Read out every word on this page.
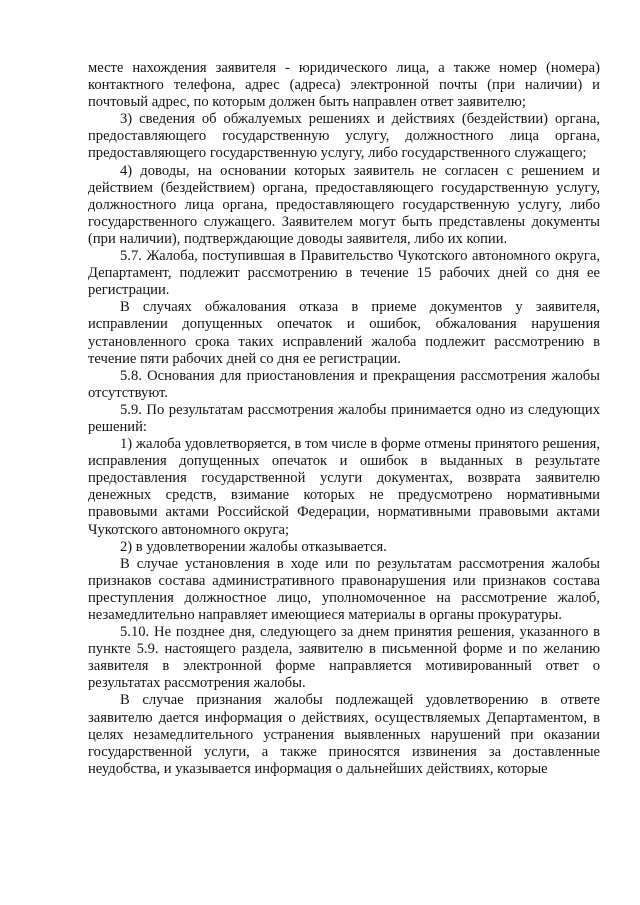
месте нахождения заявителя - юридического лица, а также номер (номера) контактного телефона, адрес (адреса) электронной почты (при наличии) и почтовый адрес, по которым должен быть направлен ответ заявителю;

3) сведения об обжалуемых решениях и действиях (бездействии) органа, предоставляющего государственную услугу, должностного лица органа, предоставляющего государственную услугу, либо государственного служащего;

4) доводы, на основании которых заявитель не согласен с решением и действием (бездействием) органа, предоставляющего государственную услугу, должностного лица органа, предоставляющего государственную услугу, либо государственного служащего. Заявителем могут быть представлены документы (при наличии), подтверждающие доводы заявителя, либо их копии.

5.7. Жалоба, поступившая в Правительство Чукотского автономного округа, Департамент, подлежит рассмотрению в течение 15 рабочих дней со дня ее регистрации.

В случаях обжалования отказа в приеме документов у заявителя, исправлении допущенных опечаток и ошибок, обжалования нарушения установленного срока таких исправлений жалоба подлежит рассмотрению в течение пяти рабочих дней со дня ее регистрации.

5.8. Основания для приостановления и прекращения рассмотрения жалобы отсутствуют.

5.9. По результатам рассмотрения жалобы принимается одно из следующих решений:

1) жалоба удовлетворяется, в том числе в форме отмены принятого решения, исправления допущенных опечаток и ошибок в выданных в результате предоставления государственной услуги документах, возврата заявителю денежных средств, взимание которых не предусмотрено нормативными правовыми актами Российской Федерации, нормативными правовыми актами Чукотского автономного округа;

2) в удовлетворении жалобы отказывается.

В случае установления в ходе или по результатам рассмотрения жалобы признаков состава административного правонарушения или признаков состава преступления должностное лицо, уполномоченное на рассмотрение жалоб, незамедлительно направляет имеющиеся материалы в органы прокуратуры.

5.10. Не позднее дня, следующего за днем принятия решения, указанного в пункте 5.9. настоящего раздела, заявителю в письменной форме и по желанию заявителя в электронной форме направляется мотивированный ответ о результатах рассмотрения жалобы.

В случае признания жалобы подлежащей удовлетворению в ответе заявителю дается информация о действиях, осуществляемых Департаментом, в целях незамедлительного устранения выявленных нарушений при оказании государственной услуги, а также приносятся извинения за доставленные неудобства, и указывается информация о дальнейших действиях, которые
